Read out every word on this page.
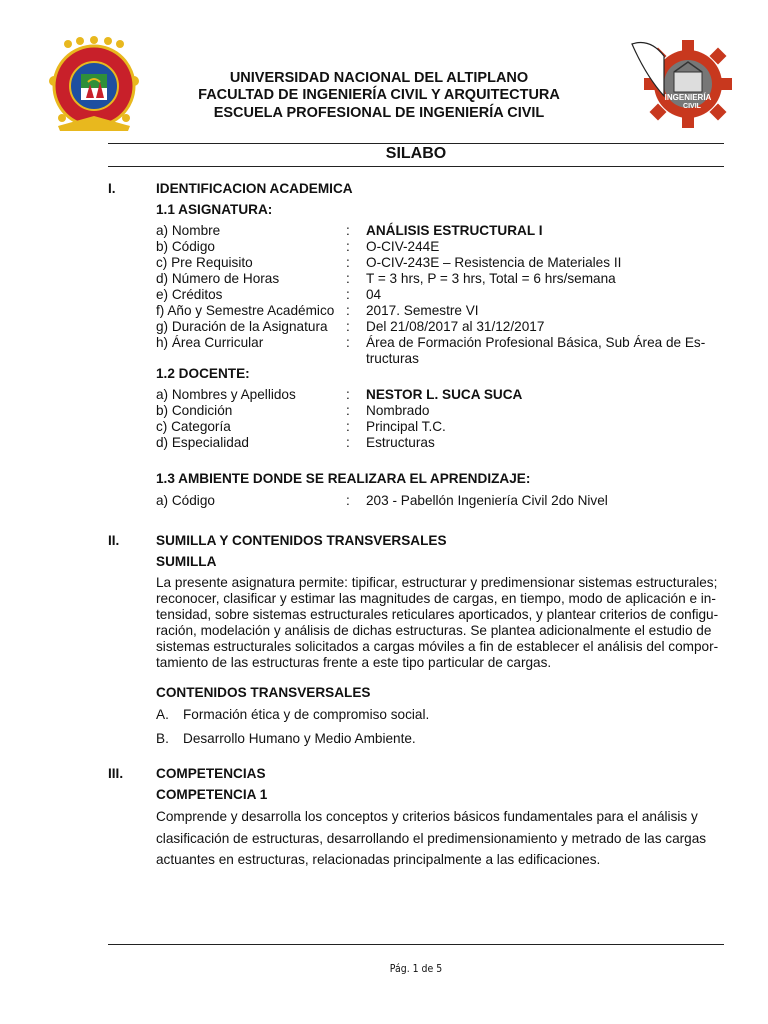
INGENIERÍA
CIVIL
UNIVERSIDAD NACIONAL DEL ALTIPLANO
FACULTAD DE INGENIERÍA CIVIL Y ARQUITECTURA
ESCUELA PROFESIONAL DE INGENIERÍA CIVIL
SILABO
I.	IDENTIFICACION ACADEMICA
1.1 ASIGNATURA:
a) Nombre	: ANÁLISIS ESTRUCTURAL I
b) Código	: O-CIV-244E
c) Pre Requisito	: O-CIV-243E – Resistencia de Materiales II
d) Número de Horas	: T = 3 hrs, P = 3 hrs, Total = 6 hrs/semana
e) Créditos	: 04
f) Año y Semestre Académico : 2017. Semestre VI
g) Duración de la Asignatura : Del 21/08/2017 al 31/12/2017
h) Área Curricular	: Área de Formación Profesional Básica, Sub Área de Es-
tructuras
1.2 DOCENTE:
a) Nombres y Apellidos	: NESTOR L. SUCA SUCA
b) Condición	: Nombrado
c) Categoría	: Principal T.C.
d) Especialidad	: Estructuras
1.3 AMBIENTE DONDE SE REALIZARA EL APRENDIZAJE:
a) Código	: 203 - Pabellón Ingeniería Civil 2do Nivel
II.	SUMILLA Y CONTENIDOS TRANSVERSALES
SUMILLA
La presente asignatura permite: tipificar, estructurar y predimensionar sistemas estructurales;
reconocer, clasificar y estimar las magnitudes de cargas, en tiempo, modo de aplicación e in-
tensidad, sobre sistemas estructurales reticulares aporticados, y plantear criterios de configu-
ración, modelación y análisis de dichas estructuras. Se plantea adicionalmente el estudio de
sistemas estructurales solicitados a cargas móviles a fin de establecer el análisis del compor-
tamiento de las estructuras frente a este tipo particular de cargas.
CONTENIDOS TRANSVERSALES
A. Formación ética y de compromiso social.
B. Desarrollo Humano y Medio Ambiente.
III. COMPETENCIAS
COMPETENCIA 1
Comprende y desarrolla los conceptos y criterios básicos fundamentales para el análisis y
clasificación de estructuras, desarrollando el predimensionamiento y metrado de las cargas
actuantes en estructuras, relacionadas principalmente a las edificaciones.
Pág. 1 de 5
